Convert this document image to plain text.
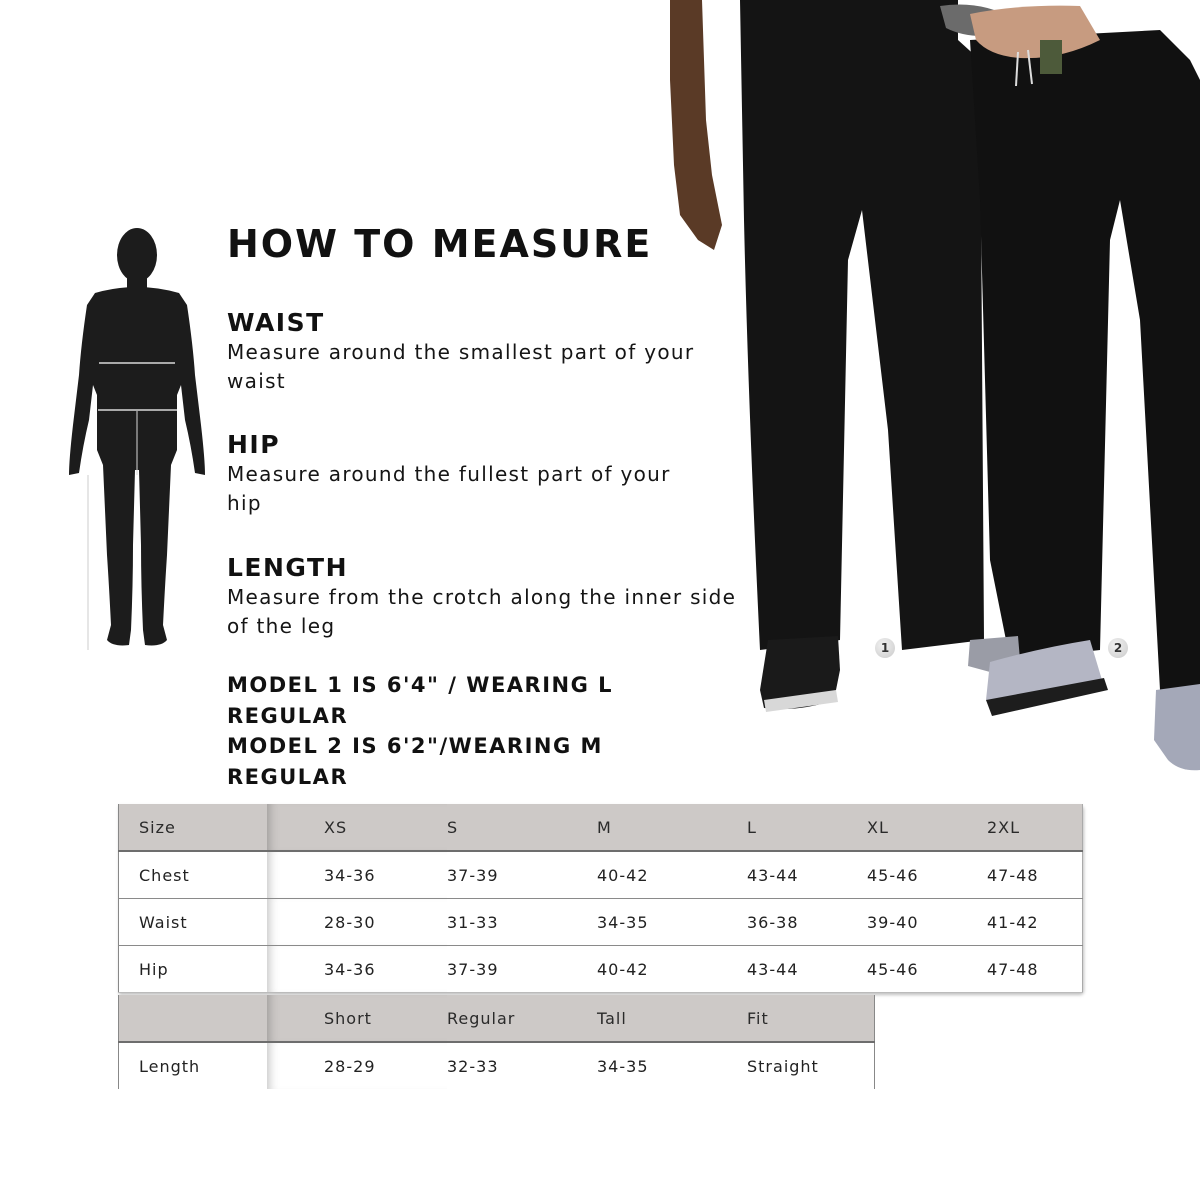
HOW TO MEASURE

WAIST

Measure around the smallest part of your waist

HIP

Measure around the fullest part of your hip

LENGTH

Measure from the crotch along the inner side of the leg

MODEL 1 IS 6'4" / WEARING L

REGULAR

MODEL 2 IS 6'2"/WEARING M

REGULAR

1	2
Size	XS	S	M	L	XL	2XL
Chest	34-36	37-39	40-42	43-44	45-46	47-48
Waist	28-30	31-33	34-35	36-38	39-40	41-42
Hip	34-36	37-39	40-42	43-44	45-46	47-48
	Short	Regular	Tall	Fit
Length	28-29	32-33	34-35	Straight
